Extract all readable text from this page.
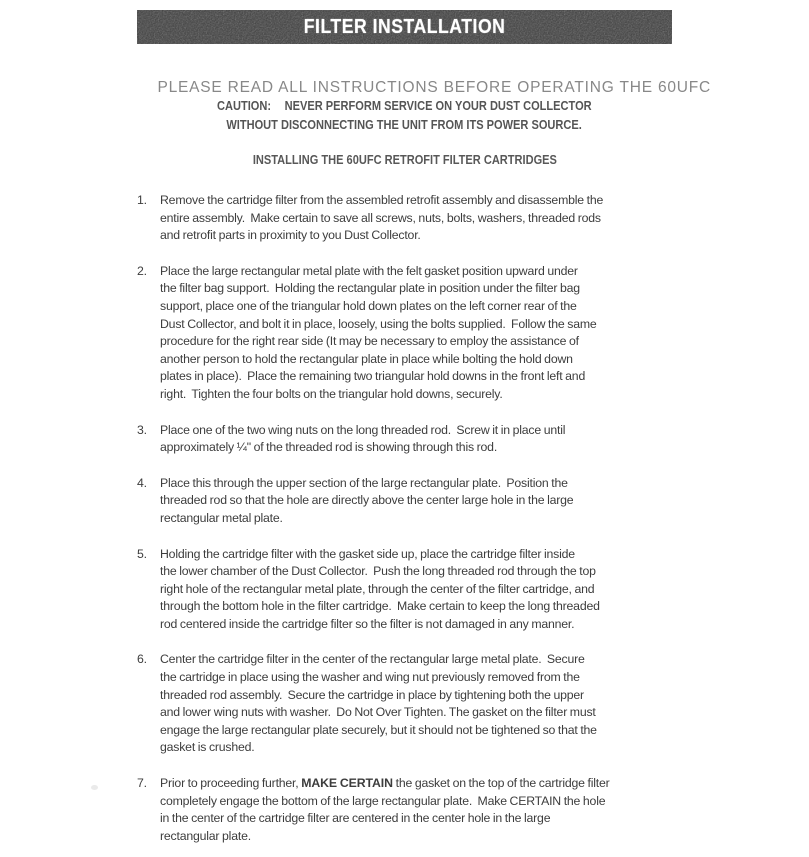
FILTER INSTALLATION

PLEASE READ ALL INSTRUCTIONS BEFORE OPERATING THE 60UFC

CAUTION: NEVER PERFORM SERVICE ON YOUR DUST COLLECTOR
WITHOUT DISCONNECTING THE UNIT FROM ITS POWER SOURCE.
INSTALLING THE 60UFC RETROFIT FILTER CARTRIDGES
1.	Remove the cartridge filter from the assembled retrofit assembly and disassemble the
entire assembly.  Make certain to save all screws, nuts, bolts, washers, threaded rods
and retrofit parts in proximity to you Dust Collector.
2.	Place the large rectangular metal plate with the felt gasket position upward under
the filter bag support.  Holding the rectangular plate in position under the filter bag
support, place one of the triangular hold down plates on the left corner rear of the
Dust Collector, and bolt it in place, loosely, using the bolts supplied.  Follow the same
procedure for the right rear side (It may be necessary to employ the assistance of
another person to hold the rectangular plate in place while bolting the hold down
plates in place).  Place the remaining two triangular hold downs in the front left and
right.  Tighten the four bolts on the triangular hold downs, securely.
3.	Place one of the two wing nuts on the long threaded rod.  Screw it in place until
approximately ¼" of the threaded rod is showing through this rod.
4.	Place this through the upper section of the large rectangular plate.  Position the
threaded rod so that the hole are directly above the center large hole in the large
rectangular metal plate.
5.	Holding the cartridge filter with the gasket side up, place the cartridge filter inside
the lower chamber of the Dust Collector.  Push the long threaded rod through the top
right hole of the rectangular metal plate, through the center of the filter cartridge, and
through the bottom hole in the filter cartridge.  Make certain to keep the long threaded
rod centered inside the cartridge filter so the filter is not damaged in any manner.
6.	Center the cartridge filter in the center of the rectangular large metal plate.  Secure
the cartridge in place using the washer and wing nut previously removed from the
threaded rod assembly.  Secure the cartridge in place by tightening both the upper
and lower wing nuts with washer.  Do Not Over Tighten. The gasket on the filter must
engage the large rectangular plate securely, but it should not be tightened so that the
gasket is crushed.
7.	Prior to proceeding further, MAKE CERTAIN the gasket on the top of the cartridge filter
completely engage the bottom of the large rectangular plate.  Make CERTAIN the hole
in the center of the cartridge filter are centered in the center hole in the large
rectangular plate.
